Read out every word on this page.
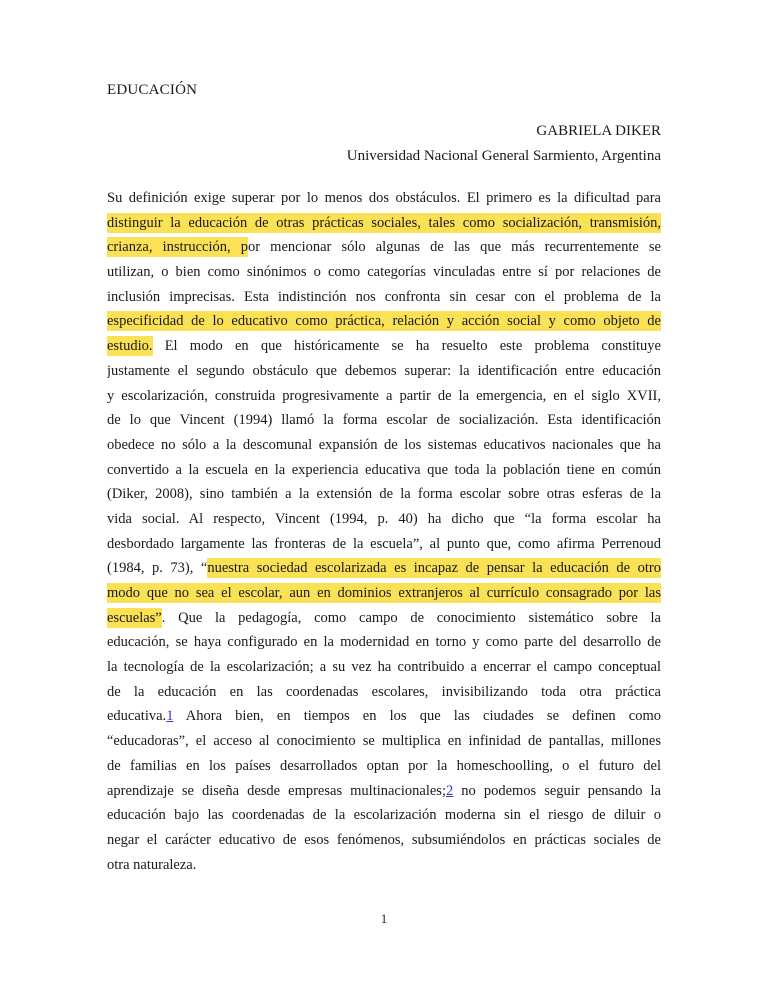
EDUCACIÓN
GABRIELA DIKER
Universidad Nacional General Sarmiento, Argentina
Su definición exige superar por lo menos dos obstáculos. El primero es la dificultad para
distinguir la educación de otras prácticas sociales, tales como socialización, transmisión,
crianza, instrucción, por mencionar sólo algunas de las que más recurrentemente se
utilizan, o bien como sinónimos o como categorías vinculadas entre sí por relaciones de
inclusión imprecisas. Esta indistinción nos confronta sin cesar con el problema de la
especificidad de lo educativo como práctica, relación y acción social y como objeto de
estudio. El modo en que históricamente se ha resuelto este problema constituye
justamente el segundo obstáculo que debemos superar: la identificación entre educación
y escolarización, construida progresivamente a partir de la emergencia, en el siglo XVII,
de lo que Vincent (1994) llamó la forma escolar de socialización. Esta identificación
obedece no sólo a la descomunal expansión de los sistemas educativos nacionales que ha
convertido a la escuela en la experiencia educativa que toda la población tiene en común
(Diker, 2008), sino también a la extensión de la forma escolar sobre otras esferas de la
vida social. Al respecto, Vincent (1994, p. 40) ha dicho que “la forma escolar ha
desbordado largamente las fronteras de la escuela”, al punto que, como afirma Perrenoud
(1984, p. 73), “nuestra sociedad escolarizada es incapaz de pensar la educación de otro
modo que no sea el escolar, aun en dominios extranjeros al currículo consagrado por las
escuelas”. Que la pedagogía, como campo de conocimiento sistemático sobre la
educación, se haya configurado en la modernidad en torno y como parte del desarrollo de
la tecnología de la escolarización; a su vez ha contribuido a encerrar el campo conceptual
de la educación en las coordenadas escolares, invisibilizando toda otra práctica
educativa.1 Ahora bien, en tiempos en los que las ciudades se definen como
“educadoras”, el acceso al conocimiento se multiplica en infinidad de pantallas, millones
de familias en los países desarrollados optan por la homeschoolling, o el futuro del
aprendizaje se diseña desde empresas multinacionales;2 no podemos seguir pensando la
educación bajo las coordenadas de la escolarización moderna sin el riesgo de diluir o
negar el carácter educativo de esos fenómenos, subsumiéndolos en prácticas sociales de
otra naturaleza.
1
